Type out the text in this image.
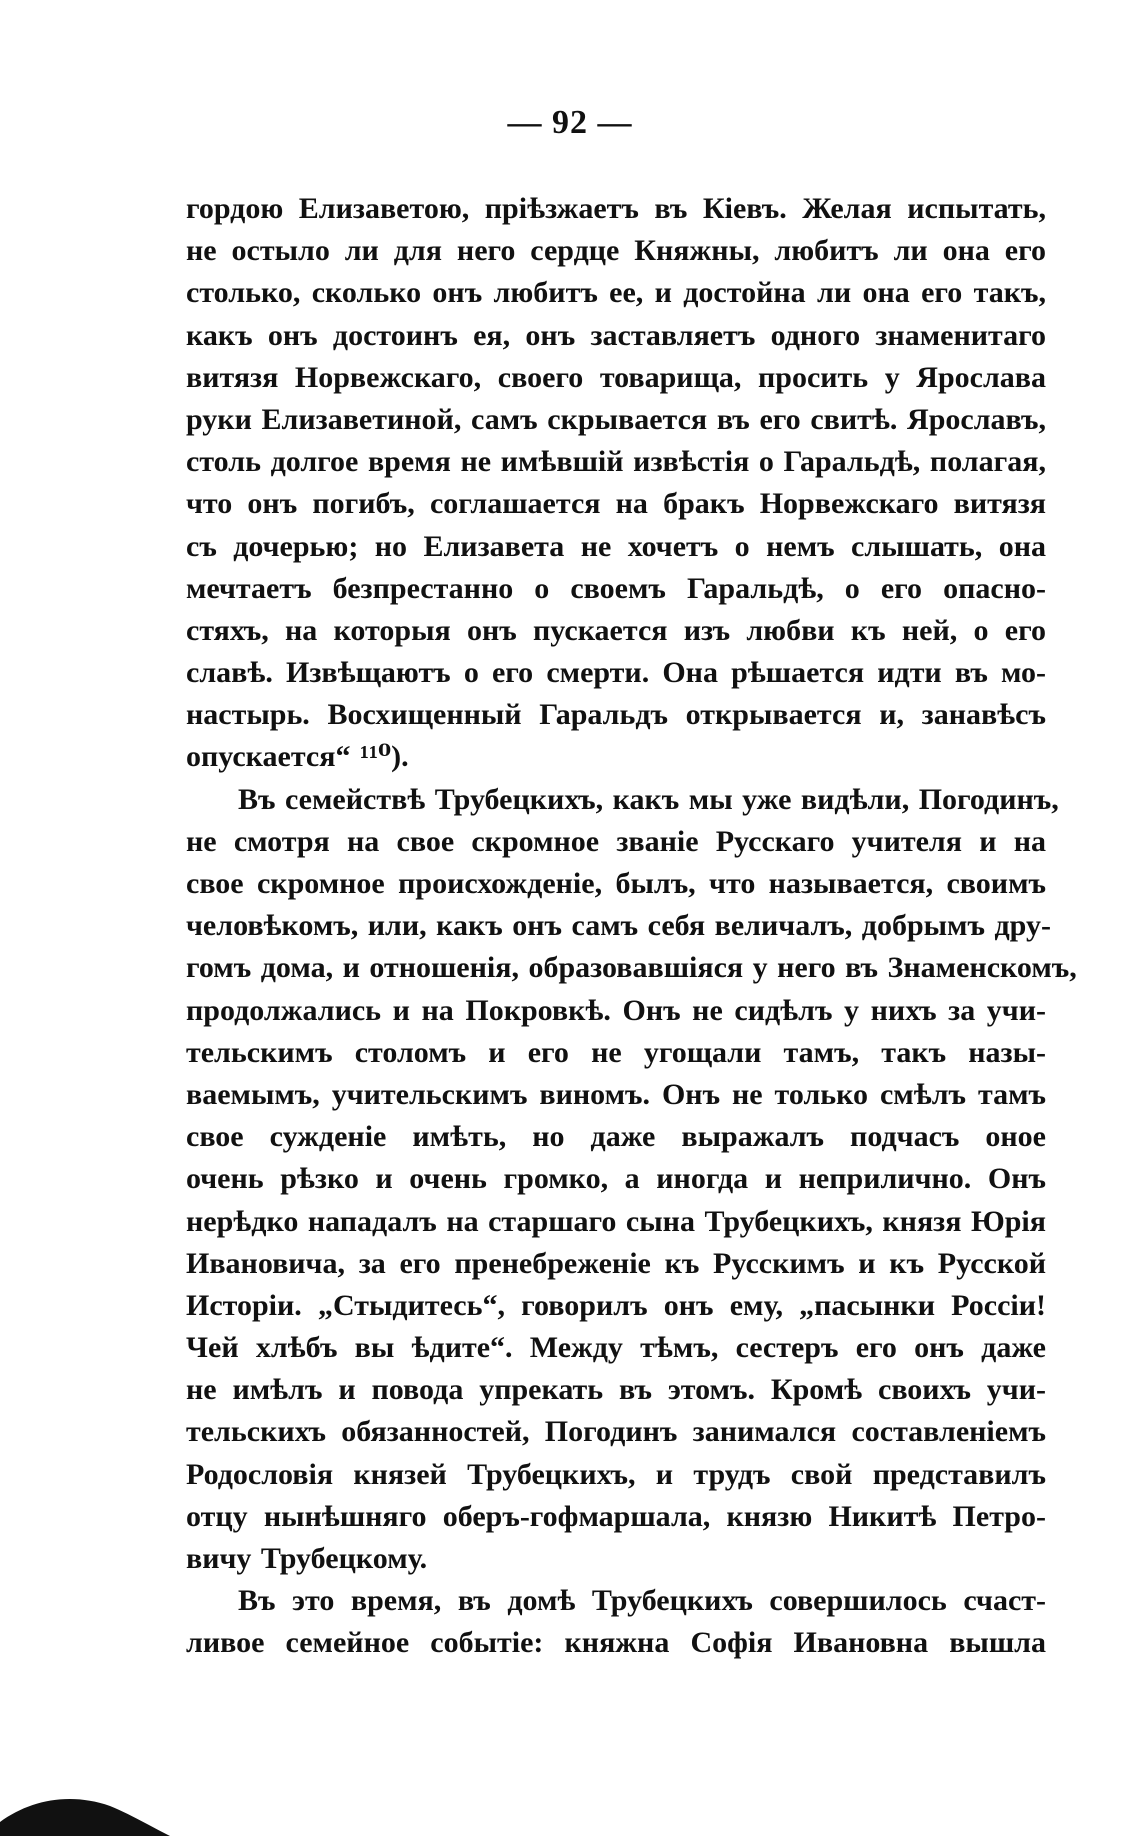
— 92 —
гордою Елизаветою, прiѣзжаетъ въ Кiевъ. Желая испытать,
не остыло ли для него сердце Княжны, любитъ ли она его
столько, сколько онъ любитъ ее, и достойна ли она его такъ,
какъ онъ достоинъ ея, онъ заставляетъ одного знаменитаго
витязя Норвежскаго, своего товарища, просить у Ярослава
руки Елизаветиной, самъ скрывается въ его свитѣ. Ярославъ,
столь долгое время не имѣвшiй извѣстiя о Гаральдѣ, полагая,
что онъ погибъ, соглашается на бракъ Норвежскаго витязя
съ дочерью; но Елизавета не хочетъ о немъ слышать, она
мечтаетъ безпрестанно о своемъ Гаральдѣ, о его опасно-
стяхъ, на которыя онъ пускается изъ любви къ ней, о его
славѣ. Извѣщаютъ о его смерти. Она рѣшается идти въ мо-
настырь. Восхищенный Гаральдъ открывается и, занавѣсъ
опускается“ ¹¹⁰).
Въ семействѣ Трубецкихъ, какъ мы уже видѣли, Погодинъ,
не смотря на свое скромное званiе Русскаго учителя и на
свое скромное происхожденiе, былъ, что называется, своимъ
человѣкомъ, или, какъ онъ самъ себя величалъ, добрымъ дру-
гомъ дома, и отношенiя, образовавшiяся у него въ Знаменскомъ,
продолжались и на Покровкѣ. Онъ не сидѣлъ у нихъ за учи-
тельскимъ столомъ и его не угощали тамъ, такъ назы-
ваемымъ, учительскимъ виномъ. Онъ не только смѣлъ тамъ
свое сужденiе имѣть, но даже выражалъ подчасъ оное
очень рѣзко и очень громко, а иногда и неприлично. Онъ
нерѣдко нападалъ на старшаго сына Трубецкихъ, князя Юрiя
Ивановича, за его пренебреженiе къ Русскимъ и къ Русской
Исторiи. „Стыдитесь“, говорилъ онъ ему, „пасынки Россiи!
Чей хлѣбъ вы ѣдите“. Между тѣмъ, сестеръ его онъ даже
не имѣлъ и повода упрекать въ этомъ. Кромѣ своихъ учи-
тельскихъ обязанностей, Погодинъ занимался составленiемъ
Родословiя князей Трубецкихъ, и трудъ свой представилъ
отцу нынѣшняго оберъ-гофмаршала, князю Никитѣ Петро-
вичу Трубецкому.
Въ это время, въ домѣ Трубецкихъ совершилось счаст-
ливое семейное событiе: княжна Софiя Ивановна вышла
